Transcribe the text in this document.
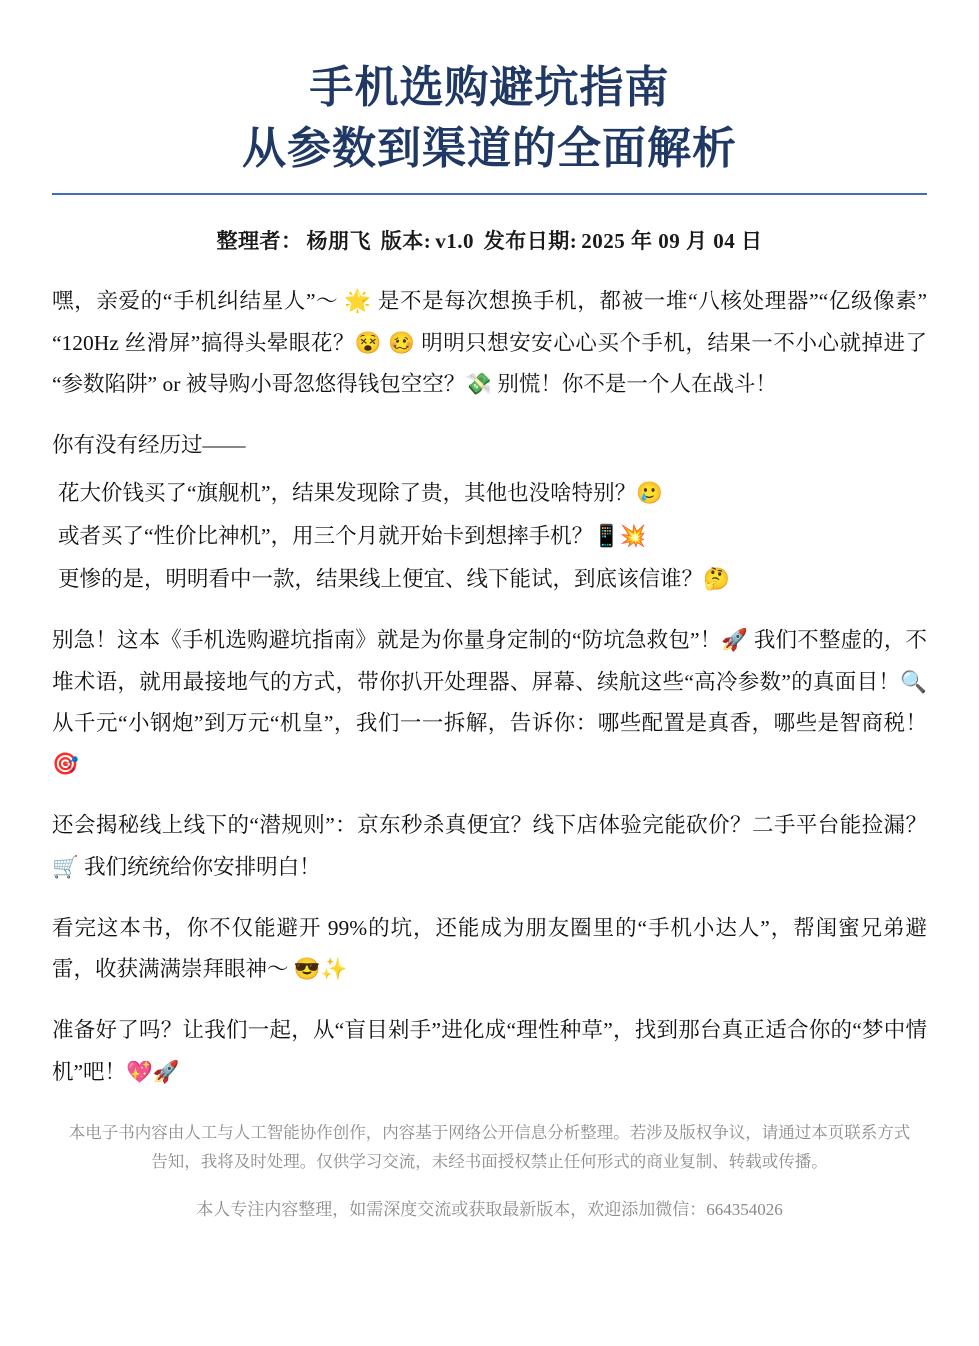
手机选购避坑指南
从参数到渠道的全面解析
整理者： 杨朋飞 版本: v1.0 发布日期: 2025 年 09 月 04 日

嘿，亲爱的“手机纠结星人”～ 🌟 是不是每次想换手机，都被一堆“八核处理器”“亿级像素”“120Hz 丝滑屏”搞得头晕眼花？😵 🥴 明明只想安安心心买个手机，结果一不小心就掉进了“参数陷阱” or 被导购小哥忽悠得钱包空空？💸 别慌！你不是一个人在战斗！

你有没有经历过——

花大价钱买了“旗舰机”，结果发现除了贵，其他也没啥特别？🥲

或者买了“性价比神机”，用三个月就开始卡到想摔手机？📱💥

更惨的是，明明看中一款，结果线上便宜、线下能试，到底该信谁？🤔

别急！这本《手机选购避坑指南》就是为你量身定制的“防坑急救包”！🚀 我们不整虚的，不堆术语，就用最接地气的方式，带你扒开处理器、屏幕、续航这些“高冷参数”的真面目！🔍 从千元“小钢炮”到万元“机皇”，我们一一拆解，告诉你：哪些配置是真香，哪些是智商税！🎯

还会揭秘线上线下的“潜规则”：京东秒杀真便宜？线下店体验完能砍价？二手平台能捡漏？🛒 我们统统给你安排明白！

看完这本书，你不仅能避开 99%的坑，还能成为朋友圈里的“手机小达人”，帮闺蜜兄弟避雷，收获满满崇拜眼神～ 😎✨

准备好了吗？让我们一起，从“盲目剁手”进化成“理性种草”，找到那台真正适合你的“梦中情机”吧！💖🚀

本电子书内容由人工与人工智能协作创作，内容基于网络公开信息分析整理。若涉及版权争议，请通过本页联系方式告知，我将及时处理。仅供学习交流，未经书面授权禁止任何形式的商业复制、转载或传播。
本人专注内容整理，如需深度交流或获取最新版本，欢迎添加微信：664354026
